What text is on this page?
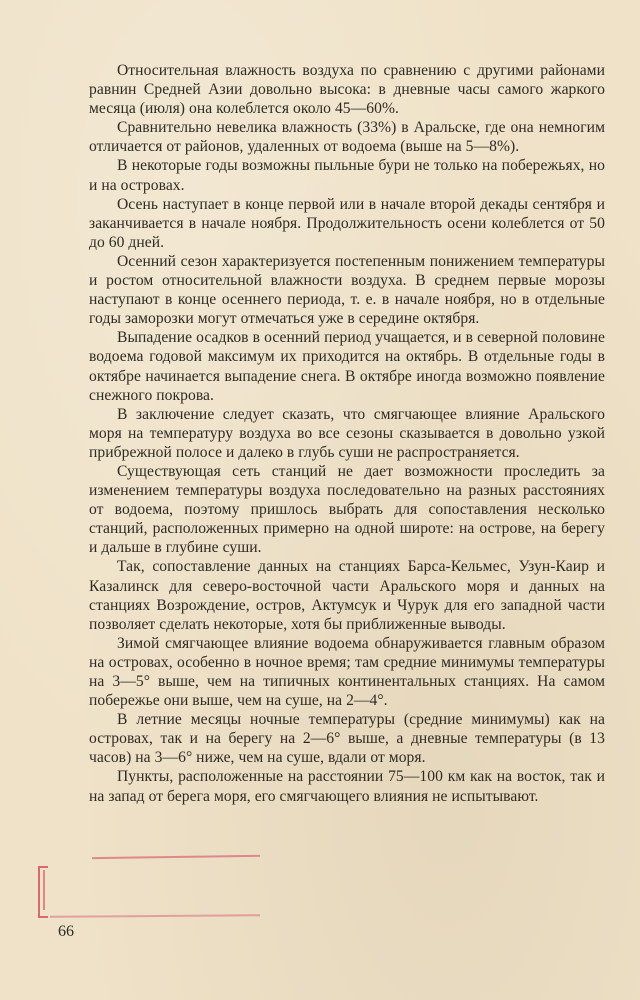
Относительная влажность воздуха по сравнению с другими районами равнин Средней Азии довольно высока: в дневные часы самого жаркого месяца (июля) она колеблется около 45—60%.

Сравнительно невелика влажность (33%) в Аральске, где она немногим отличается от районов, удаленных от водоема (выше на 5—8%).

В некоторые годы возможны пыльные бури не только на побережьях, но и на островах.

Осень наступает в конце первой или в начале второй декады сентября и заканчивается в начале ноября. Продолжительность осени колеблется от 50 до 60 дней.

Осенний сезон характеризуется постепенным понижением температуры и ростом относительной влажности воздуха. В среднем первые морозы наступают в конце осеннего периода, т. е. в начале ноября, но в отдельные годы заморозки могут отмечаться уже в середине октября.

Выпадение осадков в осенний период учащается, и в северной половине водоема годовой максимум их приходится на октябрь. В отдельные годы в октябре начинается выпадение снега. В октябре иногда возможно появление снежного покрова.

В заключение следует сказать, что смягчающее влияние Аральского моря на температуру воздуха во все сезоны сказывается в довольно узкой прибрежной полосе и далеко в глубь суши не распространяется.

Существующая сеть станций не дает возможности проследить за изменением температуры воздуха последовательно на разных расстояниях от водоема, поэтому пришлось выбрать для сопоставления несколько станций, расположенных примерно на одной широте: на острове, на берегу и дальше в глубине суши.

Так, сопоставление данных на станциях Барса-Кельмес, Узун-Каир и Казалинск для северо-восточной части Аральского моря и данных на станциях Возрождение, остров, Актумсук и Чурук для его западной части позволяет сделать некоторые, хотя бы приближенные выводы.

Зимой смягчающее влияние водоема обнаруживается главным образом на островах, особенно в ночное время; там средние минимумы температуры на 3—5° выше, чем на типичных континентальных станциях. На самом побережье они выше, чем на суше, на 2—4°.

В летние месяцы ночные температуры (средние минимумы) как на островах, так и на берегу на 2—6° выше, а дневные температуры (в 13 часов) на 3—6° ниже, чем на суше, вдали от моря.

Пункты, расположенные на расстоянии 75—100 км как на восток, так и на запад от берега моря, его смягчающего влияния не испытывают.

66
